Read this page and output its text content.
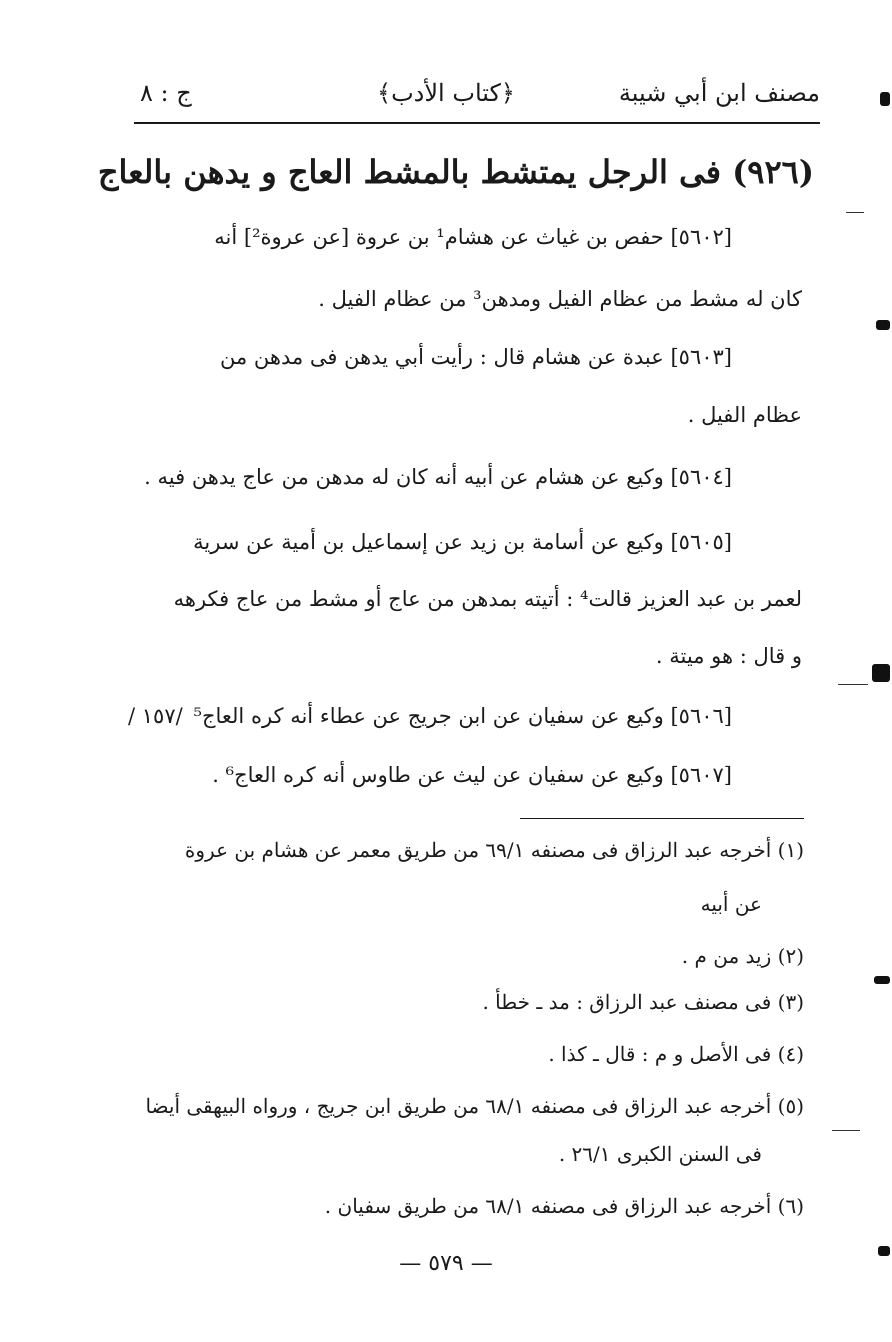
مصنف ابن أبي شيبة
﴿كتاب الأدب﴾
ج : ٨
(٩٢٦) فى الرجل يمتشط بالمشط العاج و يدهن بالعاج
[٥٦٠٢] حفص بن غياث عن هشام¹ بن عروة [عن عروة²] أنه
كان له مشط من عظام الفيل ومدهن³ من عظام الفيل .
[٥٦٠٣] عبدة عن هشام قال : رأيت أبي يدهن فى مدهن من
عظام الفيل .
[٥٦٠٤] وكيع عن هشام عن أبيه أنه كان له مدهن من عاج يدهن فيه .
[٥٦٠٥] وكيع عن أسامة بن زيد عن إسماعيل بن أمية عن سرية
لعمر بن عبد العزيز قالت⁴ : أتيته بمدهن من عاج أو مشط من عاج فكرهه
و قال : هو ميتة .
[٥٦٠٦] وكيع عن سفيان عن ابن جريج عن عطاء أنه كره العاج⁵
/١٥٧ /
[٥٦٠٧] وكيع عن سفيان عن ليث عن طاوس أنه كره العاج⁶ .
(١) أخرجه عبد الرزاق فى مصنفه ٦٩/١ من طريق معمر عن هشام بن عروة
عن أبيه
(٢) زيد من م .
(٣) فى مصنف عبد الرزاق : مد ـ خطأ .
(٤) فى الأصل و م : قال ـ كذا .
(٥) أخرجه عبد الرزاق فى مصنفه ٦٨/١ من طريق ابن جريج ، ورواه البيهقى أيضا
فى السنن الكبرى ٢٦/١ .
(٦) أخرجه عبد الرزاق فى مصنفه ٦٨/١ من طريق سفيان .
— ٥٧٩ —
